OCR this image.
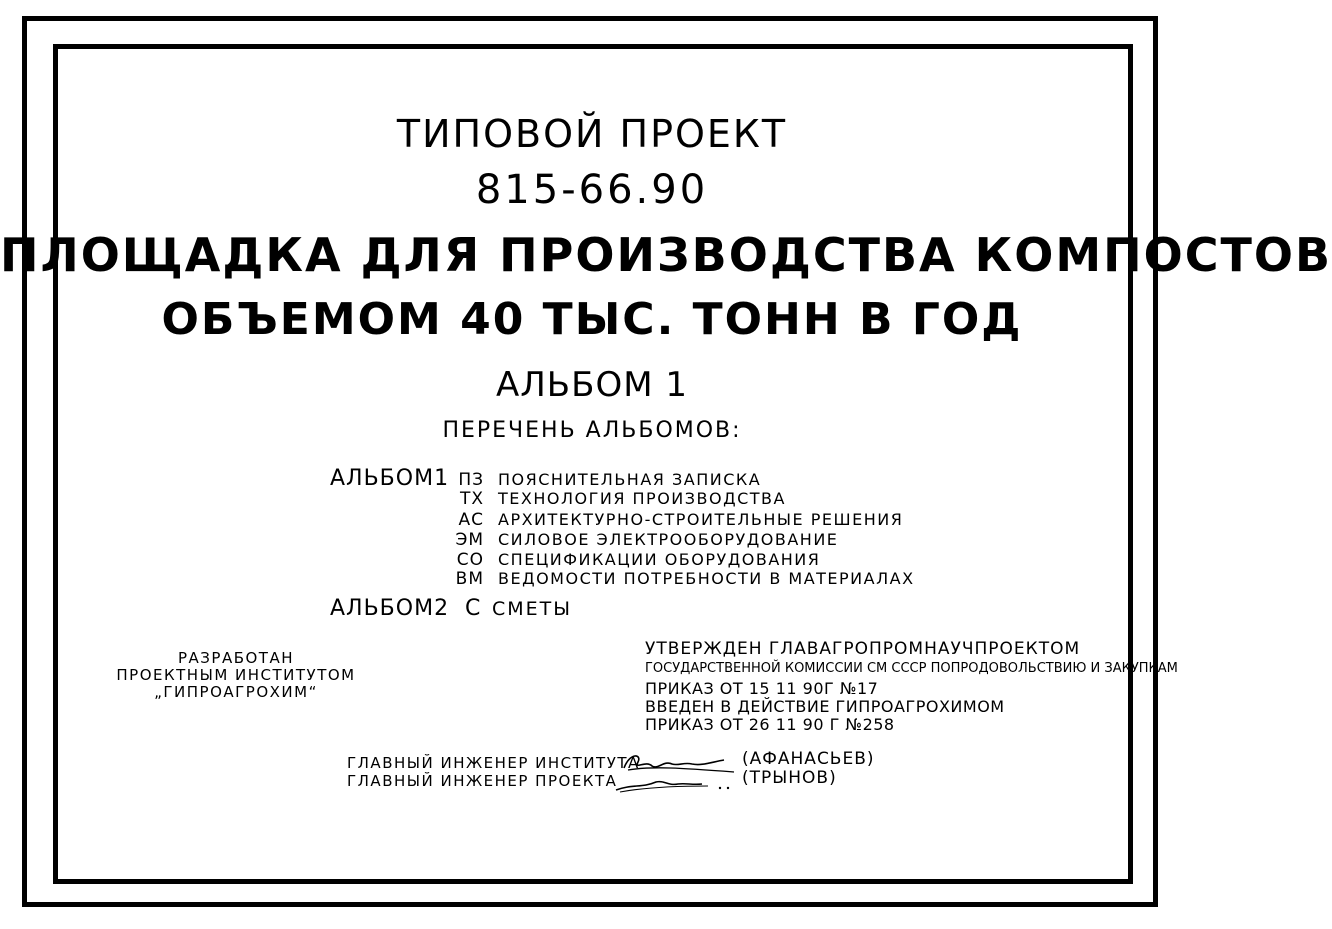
ТИПОВОЙ ПРОЕКТ
815-66.90
ПЛОЩАДКА ДЛЯ ПРОИЗВОДСТВА КОМПОСТОВ
ОБЪЕМОМ 40 ТЫС. ТОНН В ГОД
АЛЬБОМ 1
ПЕРЕЧЕНЬ АЛЬБОМОВ:
АЛЬБОМ1 ПЗ ПОЯСНИТЕЛЬНАЯ ЗАПИСКА
ТХ ТЕХНОЛОГИЯ ПРОИЗВОДСТВА
АС АРХИТЕКТУРНО-СТРОИТЕЛЬНЫЕ РЕШЕНИЯ
ЭМ СИЛОВОЕ ЭЛЕКТРООБОРУДОВАНИЕ
СО СПЕЦИФИКАЦИИ ОБОРУДОВАНИЯ
ВМ ВЕДОМОСТИ ПОТРЕБНОСТИ В МАТЕРИАЛАХ
АЛЬБОМ2 С СМЕТЫ
РАЗРАБОТАН
ПРОЕКТНЫМ ИНСТИТУТОМ
„ГИПРОАГРОХИМ“
УТВЕРЖДЕН ГЛАВАГРОПРОМНАУЧПРОЕКТОМ
ГОСУДАРСТВЕННОЙ КОМИССИИ СМ СССР ПОПРОДОВОЛЬСТВИЮ И ЗАКУПКАМ
ПРИКАЗ ОТ 15 11 90Г №17
ВВЕДЕН В ДЕЙСТВИЕ ГИПРОАГРОХИМОМ
ПРИКАЗ ОТ 26 11 90 Г №258
ГЛАВНЫЙ ИНЖЕНЕР ИНСТИТУТА
ГЛАВНЫЙ ИНЖЕНЕР ПРОЕКТА
(АФАНАСЬЕВ)
(ТРЫНОВ)
